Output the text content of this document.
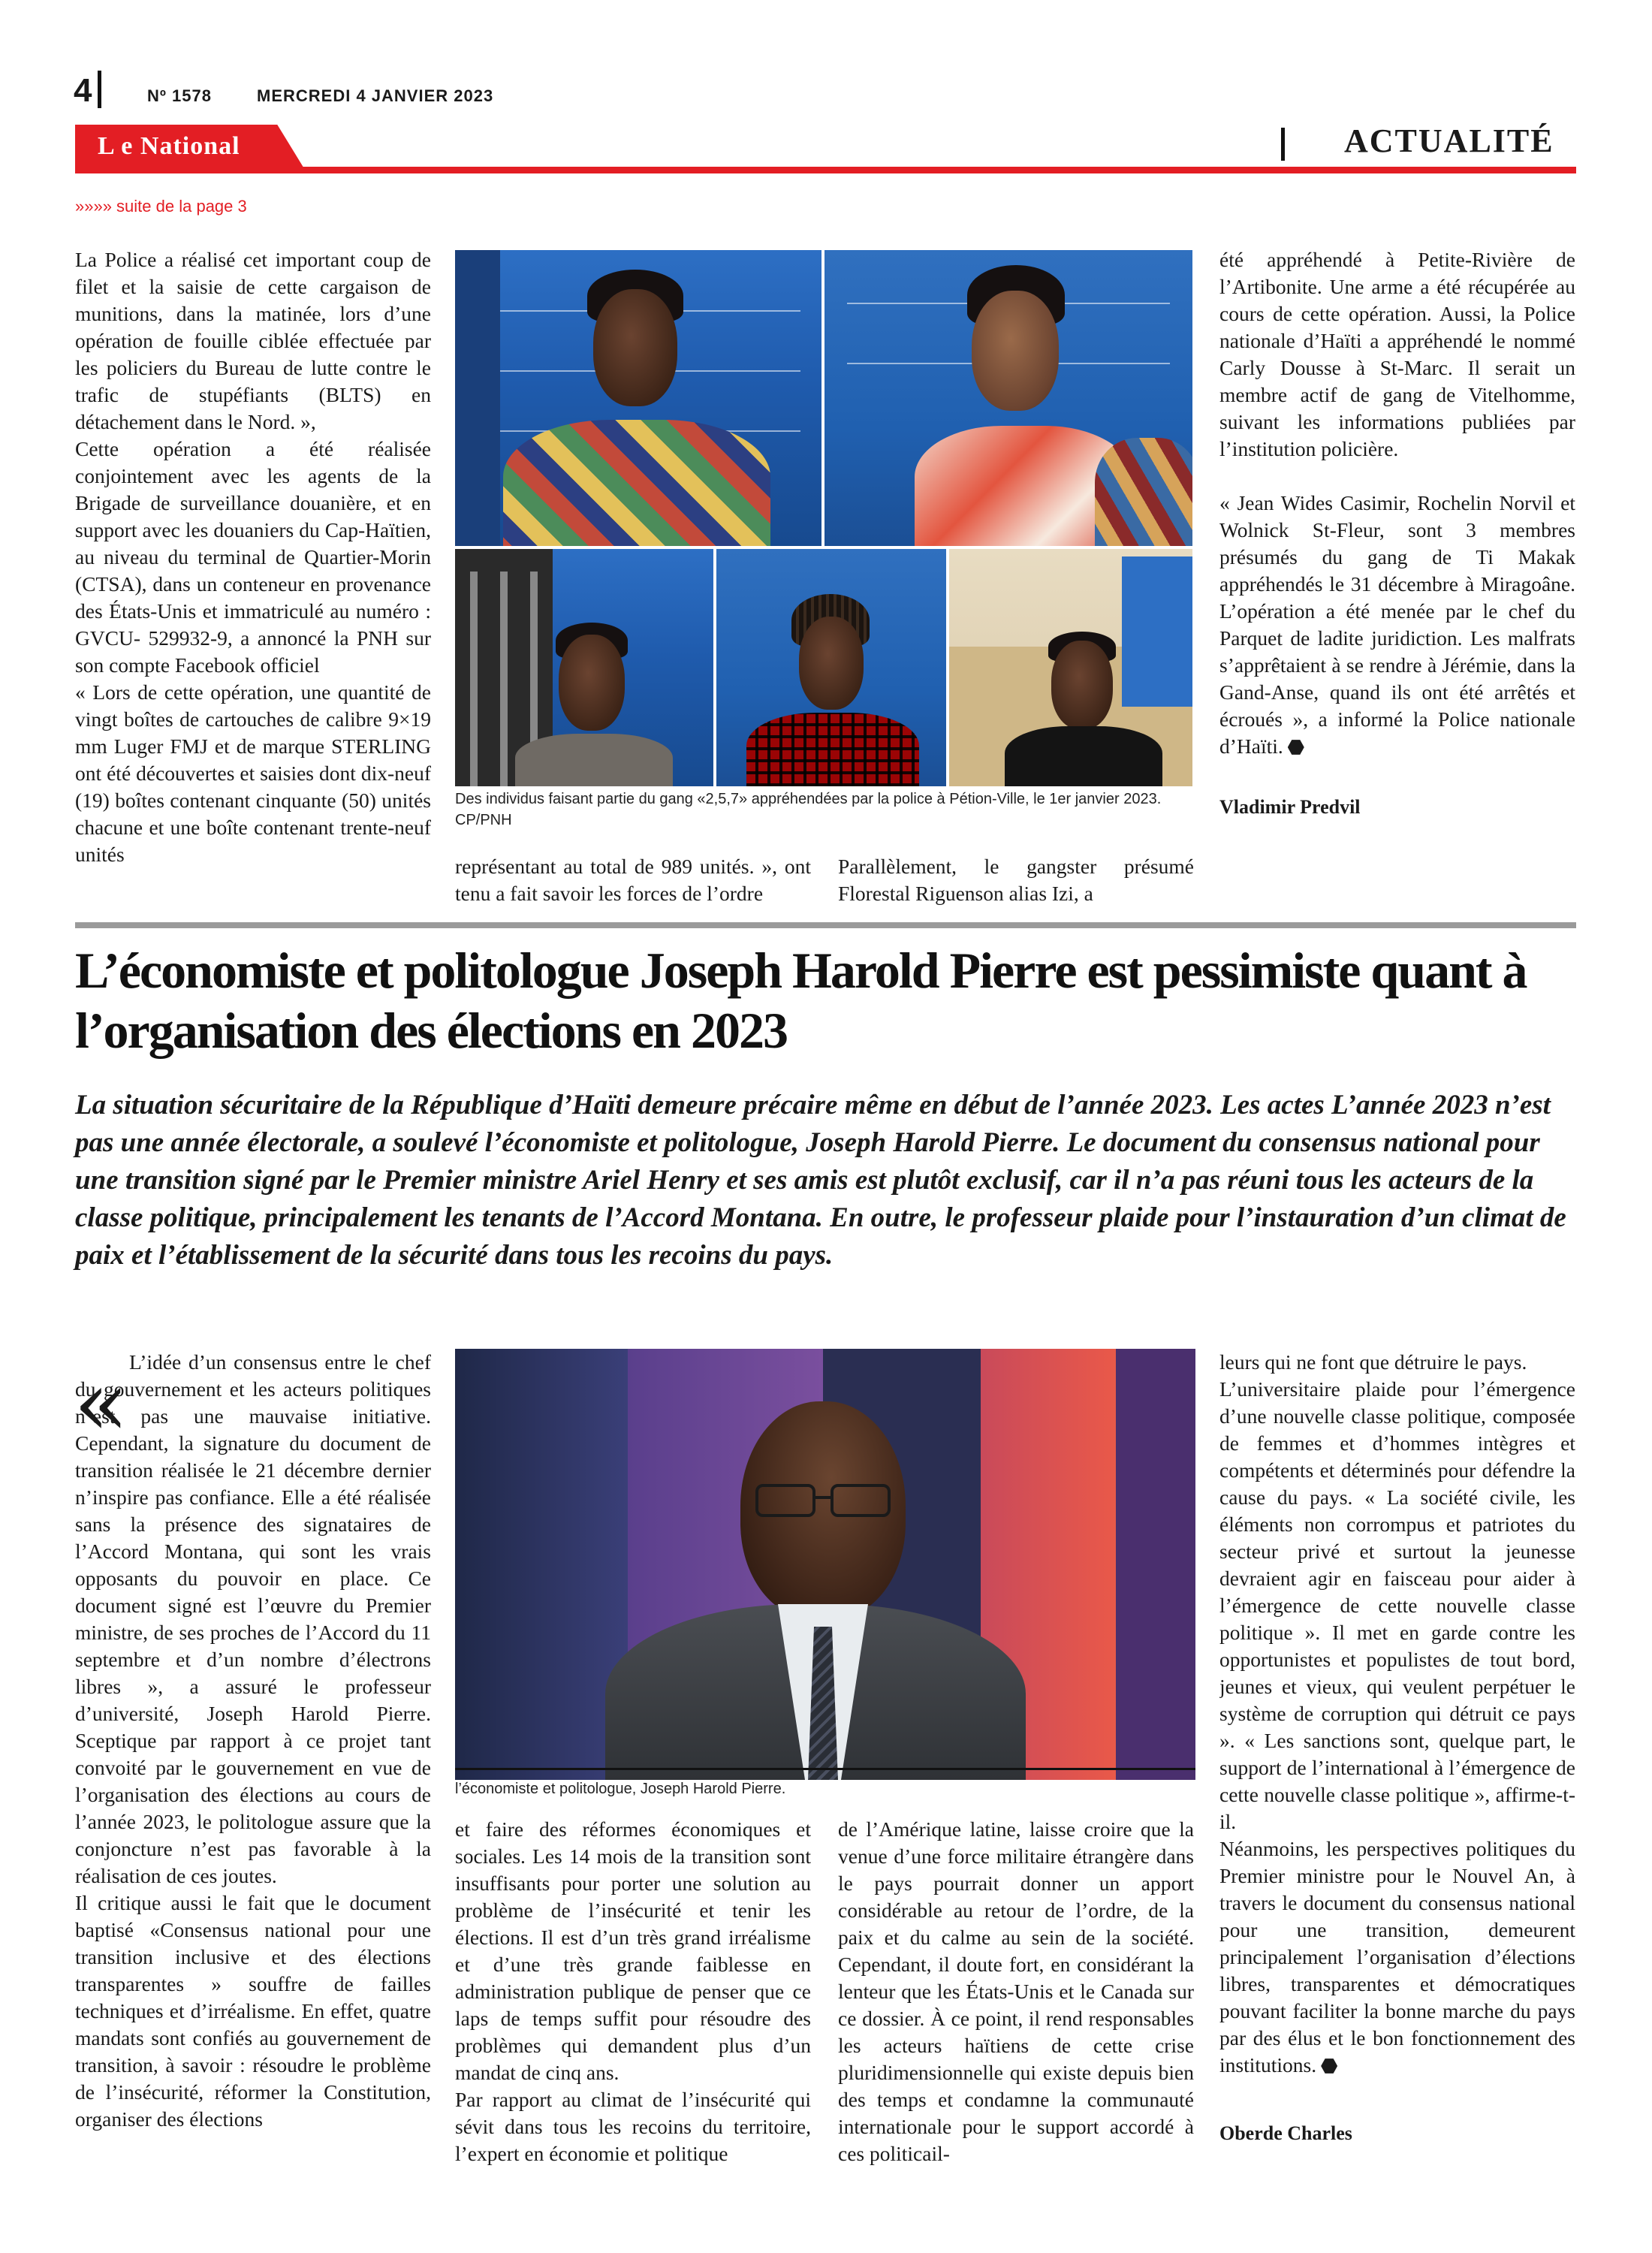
4	Nº 1578	MERCREDI 4 JANVIER 2023
L e National	ACTUALITÉ
»»»» suite de la page 3

La Police a réalisé cet important coup de filet et la saisie de cette cargaison de munitions, dans la matinée, lors d’une opération de fouille ciblée effectuée par les policiers du Bureau de lutte contre le trafic de stupéfiants (BLTS) en détachement dans le Nord. »,

Cette opération a été réalisée conjointement avec les agents de la Brigade de surveillance douanière, et en support avec les douaniers du Cap-Haïtien, au niveau du terminal de Quartier-Morin (CTSA), dans un conteneur en provenance des États-Unis et immatriculé au numéro : GVCU- 529932-9, a annoncé la PNH sur son compte Facebook officiel

« Lors de cette opération, une quantité de vingt boîtes de cartouches de calibre 9×19 mm Luger FMJ et de marque STERLING ont été découvertes et saisies dont dix-neuf (19) boîtes contenant cinquante (50) unités chacune et une boîte contenant trente-neuf unités

Des individus faisant partie du gang «2,5,7» appréhendées par la police à Pétion-Ville, le 1er janvier 2023. CP/PNH

représentant au total de 989 unités. », ont tenu a fait savoir les forces de l’ordre

Parallèlement, le gangster présumé Florestal Riguenson alias Izi, a

été appréhendé à Petite-Rivière de l’Artibonite. Une arme a été récupérée au cours de cette opération. Aussi, la Police nationale d’Haïti a appréhendé le nommé Carly Dousse à St-Marc. Il serait un membre actif de gang de Vitelhomme, suivant les informations publiées par l’institution policière.

« Jean Wides Casimir, Rochelin Norvil et Wolnick St-Fleur, sont 3 membres présumés du gang de Ti Makak appréhendés le 31 décembre à Miragoâne. L’opération a été menée par le chef du Parquet de ladite juridiction. Les malfrats s’apprêtaient à se rendre à Jérémie, dans la Gand-Anse, quand ils ont été arrêtés et écroués », a informé la Police nationale d’Haïti.

Vladimir Predvil
L’économiste et politologue Joseph Harold Pierre est pessimiste quant à l’organisation des élections en 2023
La situation sécuritaire de la République d’Haïti demeure précaire même en début de l’année 2023. Les actes L’année 2023 n’est pas une année électorale, a soulevé l’économiste et politologue, Joseph Harold Pierre. Le document du consensus national pour une transition signé par le Premier ministre Ariel Henry et ses amis est plutôt exclusif, car il n’a pas réuni tous les acteurs de la classe politique, principalement les tenants de l’Accord Montana. En outre, le professeur plaide pour l’instauration d’un climat de paix et l’établissement de la sécurité dans tous les recoins du pays.
« L’idée d’un consensus entre le chef du gouvernement et les acteurs politiques n’est pas une mauvaise initiative. Cependant, la signature du document de transition réalisée le 21 décembre dernier n’inspire pas confiance. Elle a été réalisée sans la présence des signataires de l’Accord Montana, qui sont les vrais opposants du pouvoir en place. Ce document signé est l’œuvre du Premier ministre, de ses proches de l’Accord du 11 septembre et d’un nombre d’électrons libres », a assuré le professeur d’université, Joseph Harold Pierre. Sceptique par rapport à ce projet tant convoité par le gouvernement en vue de l’organisation des élections au cours de l’année 2023, le politologue assure que la conjoncture n’est pas favorable à la réalisation de ces joutes.

Il critique aussi le fait que le document baptisé «Consensus national pour une transition inclusive et des élections transparentes » souffre de failles techniques et d’irréalisme. En effet, quatre mandats sont confiés au gouvernement de transition, à savoir : résoudre le problème de l’insécurité, réformer la Constitution, organiser des élections

l’économiste et politologue, Joseph Harold Pierre.

et faire des réformes économiques et sociales. Les 14 mois de la transition sont insuffisants pour porter une solution au problème de l’insécurité et tenir les élections. Il est d’un très grand irréalisme et d’une très grande faiblesse en administration publique de penser que ce laps de temps suffit pour résoudre des problèmes qui demandent plus d’un mandat de cinq ans.

Par rapport au climat de l’insécurité qui sévit dans tous les recoins du territoire, l’expert en économie et politique

de l’Amérique latine, laisse croire que la venue d’une force militaire étrangère dans le pays pourrait donner un apport considérable au retour de l’ordre, de la paix et du calme au sein de la société. Cependant, il doute fort, en considérant la lenteur que les États-Unis et le Canada sur ce dossier. À ce point, il rend responsables les acteurs haïtiens de cette crise pluridimensionnelle qui existe depuis bien des temps et condamne la communauté internationale pour le support accordé à ces politicail-

leurs qui ne font que détruire le pays.

L’universitaire plaide pour l’émergence d’une nouvelle classe politique, composée de femmes et d’hommes intègres et compétents et déterminés pour défendre la cause du pays. « La société civile, les éléments non corrompus et patriotes du secteur privé et surtout la jeunesse devraient agir en faisceau pour aider à l’émergence de cette nouvelle classe politique ». Il met en garde contre les opportunistes et populistes de tout bord, jeunes et vieux, qui veulent perpétuer le système de corruption qui détruit ce pays ». « Les sanctions sont, quelque part, le support de l’international à l’émergence de cette nouvelle classe politique », affirme-t-il.

Néanmoins, les perspectives politiques du Premier ministre pour le Nouvel An, à travers le document du consensus national pour une transition, demeurent principalement l’organisation d’élections libres, transparentes et démocratiques pouvant faciliter la bonne marche du pays par des élus et le bon fonctionnement des institutions.

Oberde Charles
